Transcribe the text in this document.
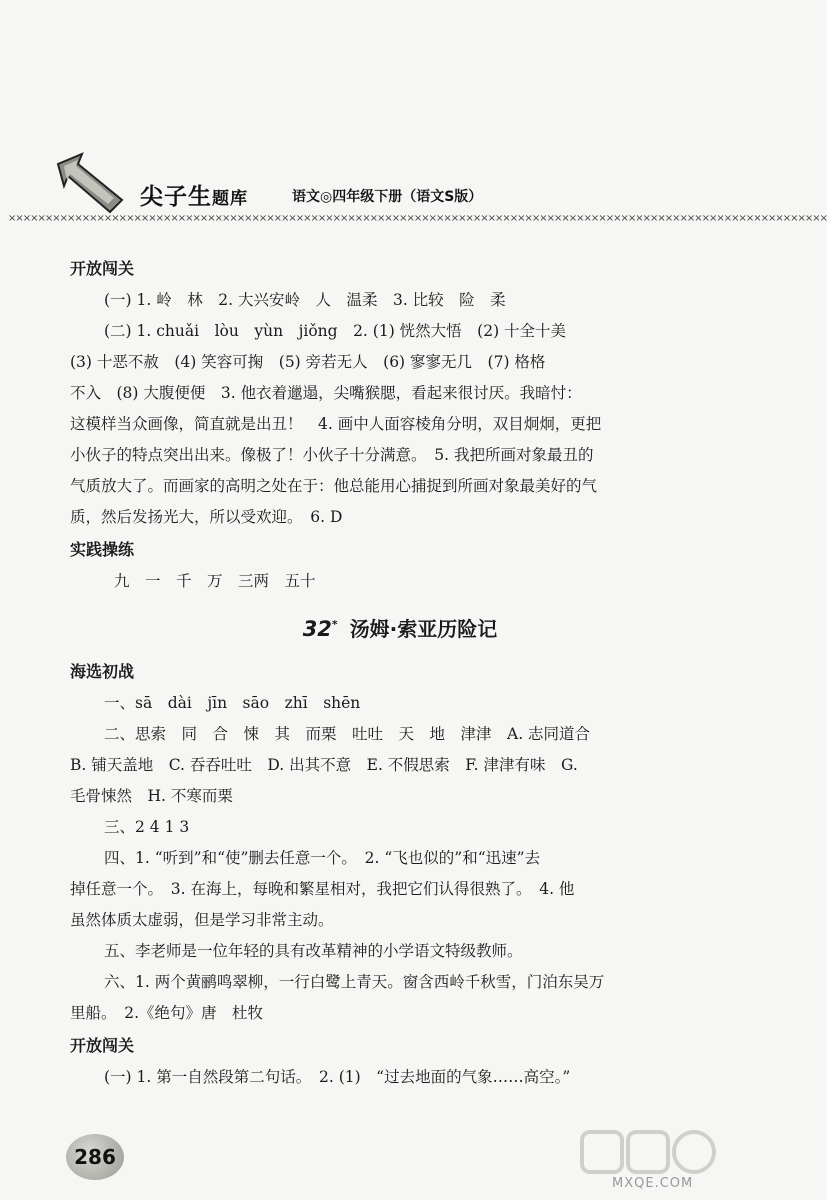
尖子生题库	语文◎四年级下册（语文S版）
×××××××××××××××××××××××××××××××××××××××××××××××××××××××××××××××××××××××××××××××××××××××××××××××××××××××××××××××
开放闯关
(一) 1. 岭　林　2. 大兴安岭　人　温柔　3. 比较　险　柔
(二) 1. chuǎi　lòu　yùn　jiǒng　2. (1) 恍然大悟　(2) 十全十美
(3) 十恶不赦　(4) 笑容可掬　(5) 旁若无人　(6) 寥寥无几　(7) 格格
不入　(8) 大腹便便　3. 他衣着邋遢，尖嘴猴腮，看起来很讨厌。我暗忖：
这模样当众画像，简直就是出丑！　4. 画中人面容棱角分明，双目炯炯，更把
小伙子的特点突出出来。像极了！小伙子十分满意。　5. 我把所画对象最丑的
气质放大了。而画家的高明之处在于：他总能用心捕捉到所画对象最美好的气
质，然后发扬光大，所以受欢迎。　6. D
实践操练
九　一　千　万　三两　五十
32* 汤姆·索亚历险记
海选初战
一、sā　dài　jīn　sāo　zhī　shēn
二、思索　同　合　悚　其　而栗　吐吐　天　地　津津　A. 志同道合
B. 铺天盖地　C. 吞吞吐吐　D. 出其不意　E. 不假思索　F. 津津有味　G.
毛骨悚然　H. 不寒而栗
三、2 4 1 3
四、1. “听到”和“使”删去任意一个。　2. “飞也似的”和“迅速”去
掉任意一个。　3. 在海上，每晚和繁星相对，我把它们认得很熟了。　4. 他
虽然体质太虚弱，但是学习非常主动。
五、李老师是一位年轻的具有改革精神的小学语文特级教师。
六、1. 两个黄鹂鸣翠柳，一行白鹭上青天。窗含西岭千秋雪，门泊东吴万
里船。　2.《绝句》唐　杜牧
开放闯关
(一) 1. 第一自然段第二句话。　2. (1)　“过去地面的气象……高空。”
286
MXQE.COM
